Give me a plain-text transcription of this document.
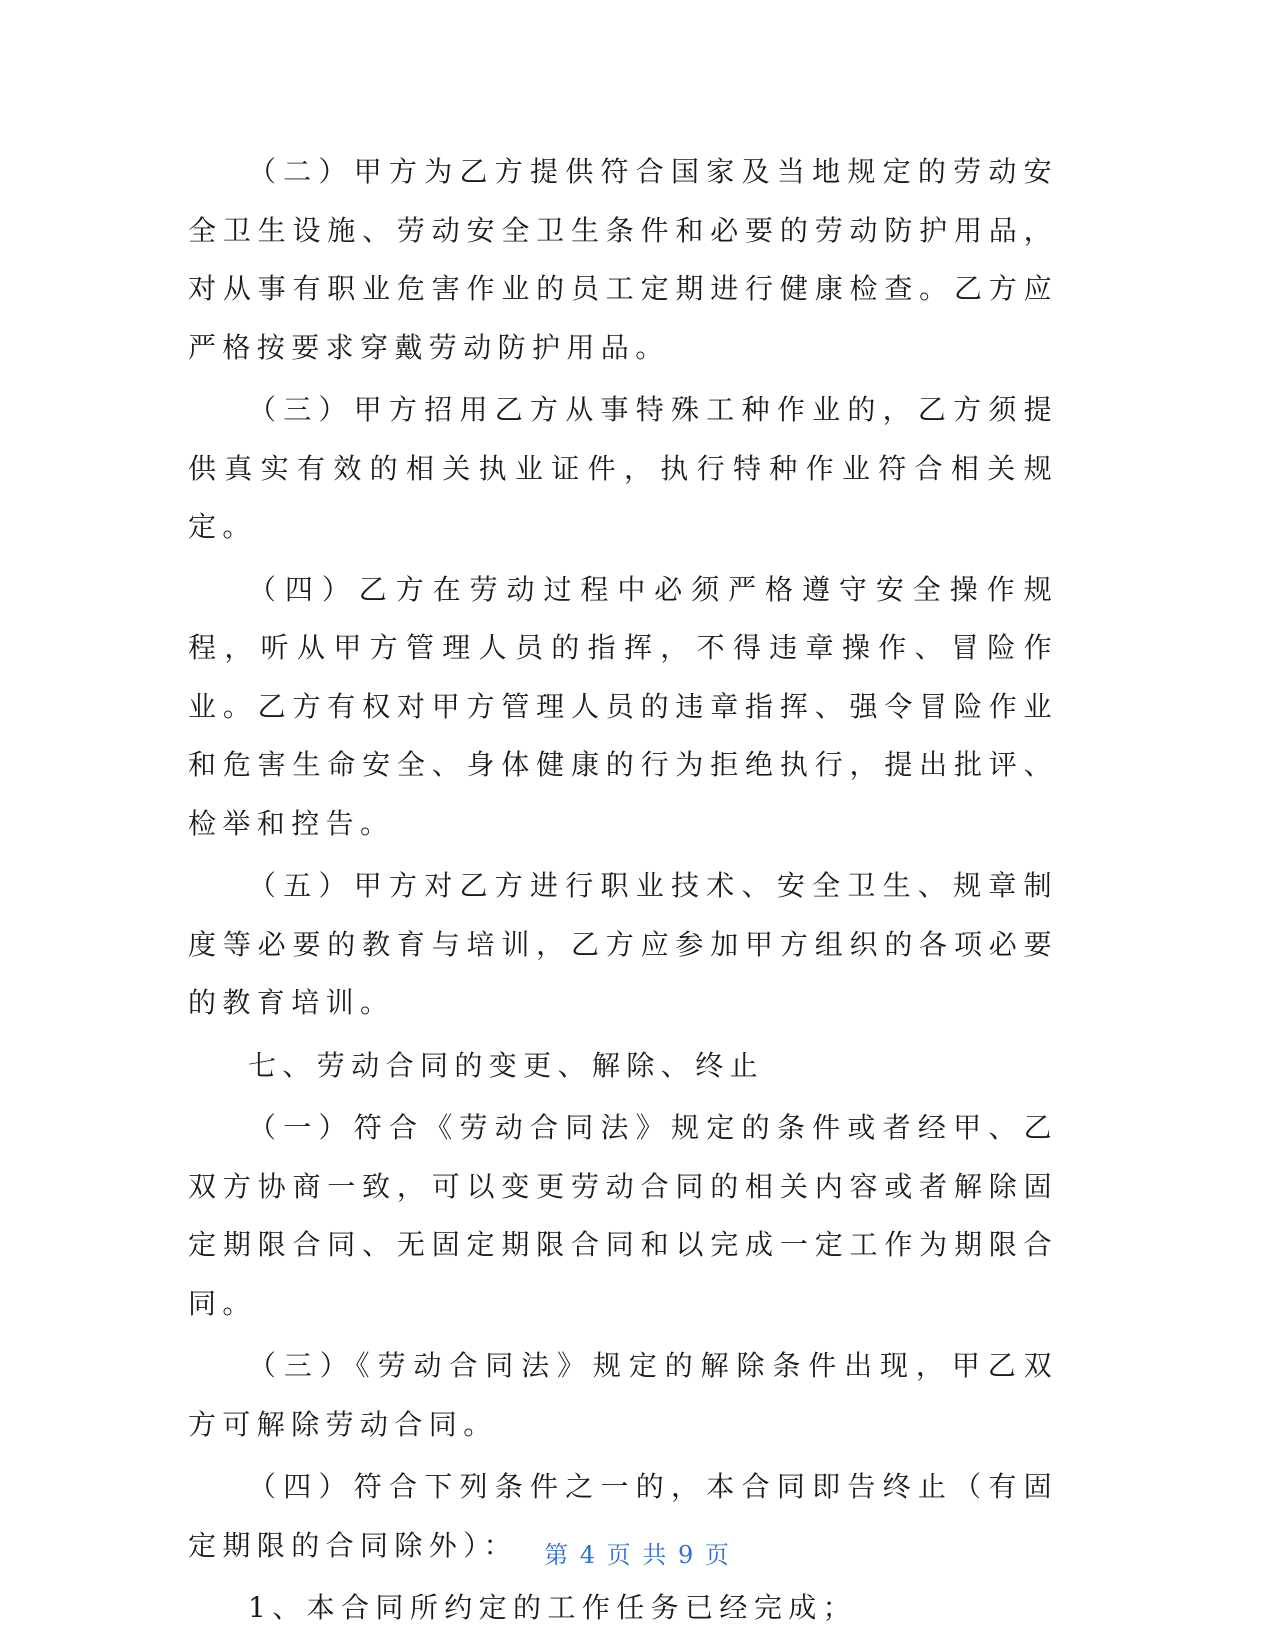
（二）甲方为乙方提供符合国家及当地规定的劳动安全卫生设施、劳动安全卫生条件和必要的劳动防护用品，对从事有职业危害作业的员工定期进行健康检查。乙方应严格按要求穿戴劳动防护用品。

（三）甲方招用乙方从事特殊工种作业的，乙方须提供真实有效的相关执业证件，执行特种作业符合相关规定。

（四）乙方在劳动过程中必须严格遵守安全操作规程，听从甲方管理人员的指挥，不得违章操作、冒险作业。乙方有权对甲方管理人员的违章指挥、强令冒险作业和危害生命安全、身体健康的行为拒绝执行，提出批评、检举和控告。

（五）甲方对乙方进行职业技术、安全卫生、规章制度等必要的教育与培训，乙方应参加甲方组织的各项必要的教育培训。

七、劳动合同的变更、解除、终止

（一）符合《劳动合同法》规定的条件或者经甲、乙双方协商一致，可以变更劳动合同的相关内容或者解除固定期限合同、无固定期限合同和以完成一定工作为期限合同。

（三）《劳动合同法》规定的解除条件出现，甲乙双方可解除劳动合同。

（四）符合下列条件之一的，本合同即告终止（有固定期限的合同除外）：

1、本合同所约定的工作任务已经完成；

第 4 页 共 9 页
